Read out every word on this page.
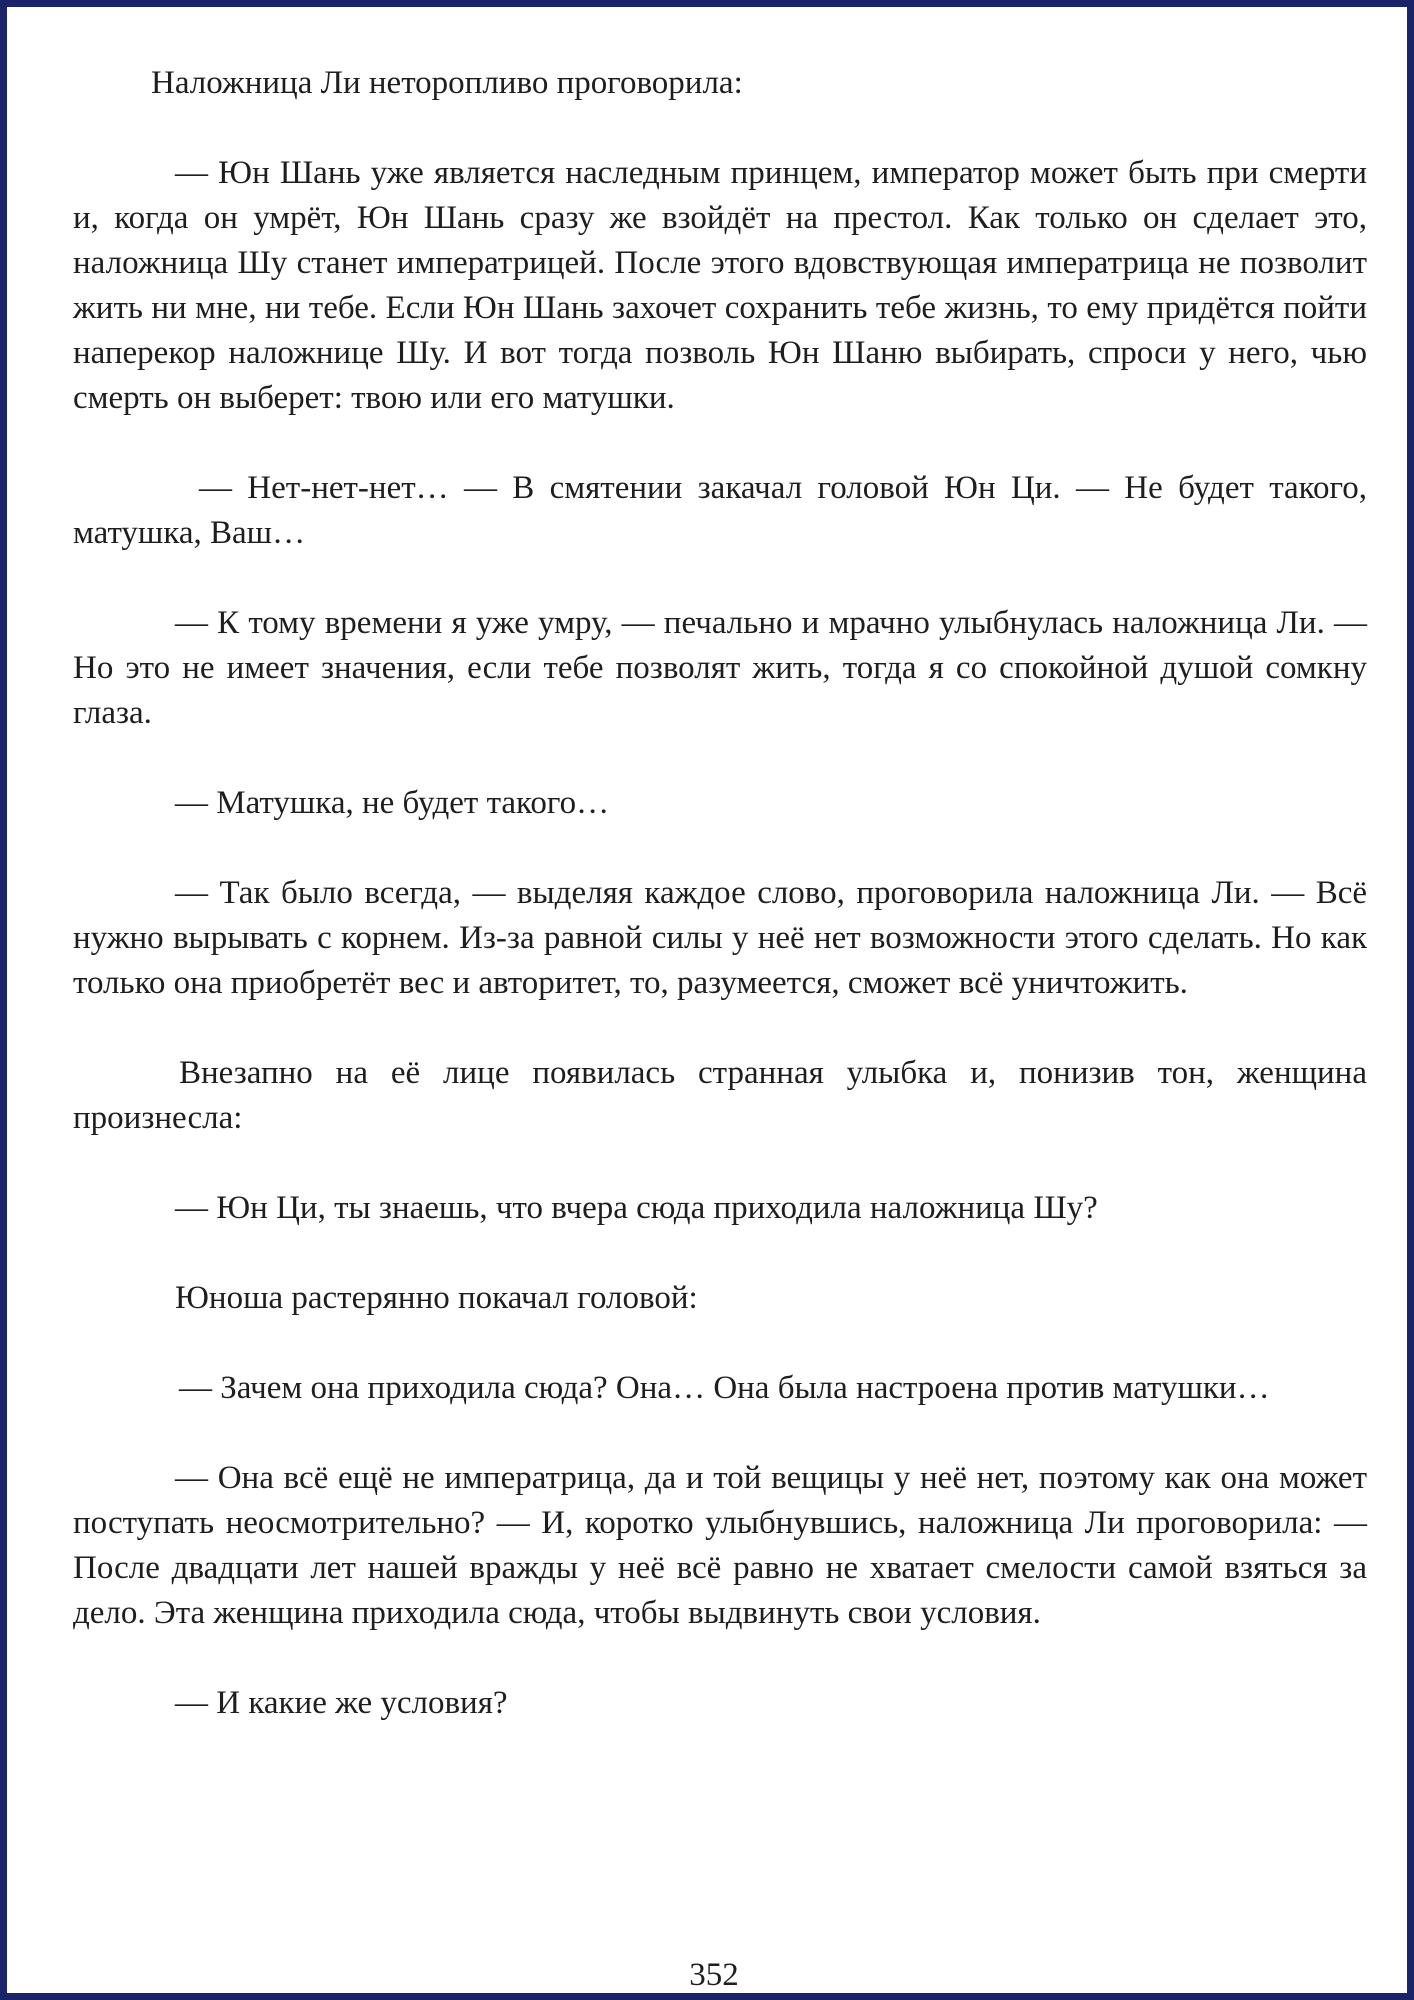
Наложница Ли неторопливо проговорила:

— Юн Шань уже является наследным принцем, император может быть при смерти и, когда он умрёт, Юн Шань сразу же взойдёт на престол. Как только он сделает это, наложница Шу станет императрицей. После этого вдовствующая императрица не позволит жить ни мне, ни тебе. Если Юн Шань захочет сохранить тебе жизнь, то ему придётся пойти наперекор наложнице Шу. И вот тогда позволь Юн Шаню выбирать, спроси у него, чью смерть он выберет: твою или его матушки.

— Нет-нет-нет… — В смятении закачал головой Юн Ци. — Не будет такого, матушка, Ваш…

— К тому времени я уже умру, — печально и мрачно улыбнулась наложница Ли. — Но это не имеет значения, если тебе позволят жить, тогда я со спокойной душой сомкну глаза.

— Матушка, не будет такого…

— Так было всегда, — выделяя каждое слово, проговорила наложница Ли. — Всё нужно вырывать с корнем. Из-за равной силы у неё нет возможности этого сделать. Но как только она приобретёт вес и авторитет, то, разумеется, сможет всё уничтожить.

Внезапно на её лице появилась странная улыбка и, понизив тон, женщина произнесла:

— Юн Ци, ты знаешь, что вчера сюда приходила наложница Шу?

Юноша растерянно покачал головой:

— Зачем она приходила сюда? Она… Она была настроена против матушки…

— Она всё ещё не императрица, да и той вещицы у неё нет, поэтому как она может поступать неосмотрительно? — И, коротко улыбнувшись, наложница Ли проговорила: — После двадцати лет нашей вражды у неё всё равно не хватает смелости самой взяться за дело. Эта женщина приходила сюда, чтобы выдвинуть свои условия.

— И какие же условия?

352
